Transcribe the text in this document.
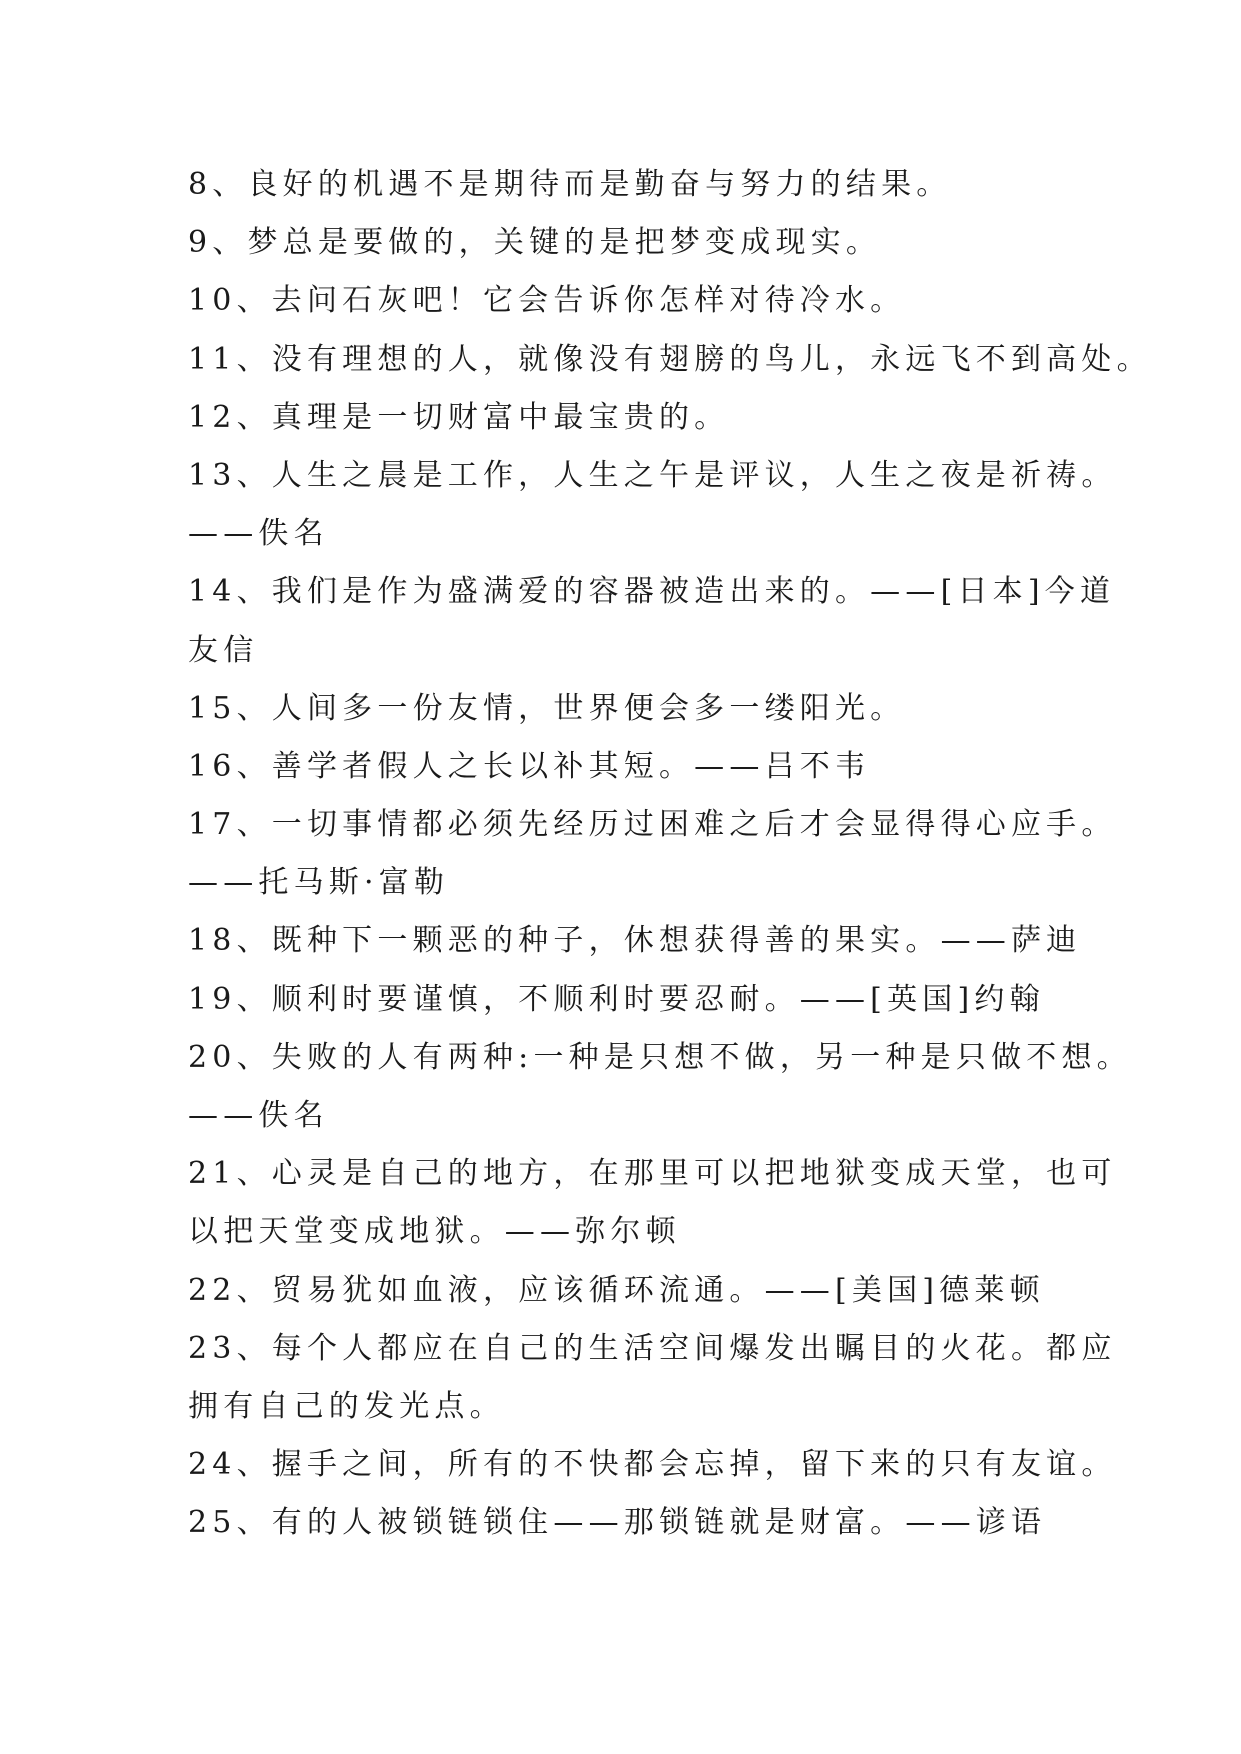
8、良好的机遇不是期待而是勤奋与努力的结果。
9、梦总是要做的，关键的是把梦变成现实。
10、去问石灰吧！它会告诉你怎样对待冷水。
11、没有理想的人，就像没有翅膀的鸟儿，永远飞不到高处。
12、真理是一切财富中最宝贵的。
13、人生之晨是工作，人生之午是评议，人生之夜是祈祷。
——佚名
14、我们是作为盛满爱的容器被造出来的。——[日本]今道
友信
15、人间多一份友情，世界便会多一缕阳光。
16、善学者假人之长以补其短。——吕不韦
17、一切事情都必须先经历过困难之后才会显得得心应手。
——托马斯·富勒
18、既种下一颗恶的种子，休想获得善的果实。——萨迪
19、顺利时要谨慎，不顺利时要忍耐。——[英国]约翰
20、失败的人有两种:一种是只想不做，另一种是只做不想。
——佚名
21、心灵是自己的地方，在那里可以把地狱变成天堂，也可
以把天堂变成地狱。——弥尔顿
22、贸易犹如血液，应该循环流通。——[美国]德莱顿
23、每个人都应在自己的生活空间爆发出瞩目的火花。都应
拥有自己的发光点。
24、握手之间，所有的不快都会忘掉，留下来的只有友谊。
25、有的人被锁链锁住——那锁链就是财富。——谚语
